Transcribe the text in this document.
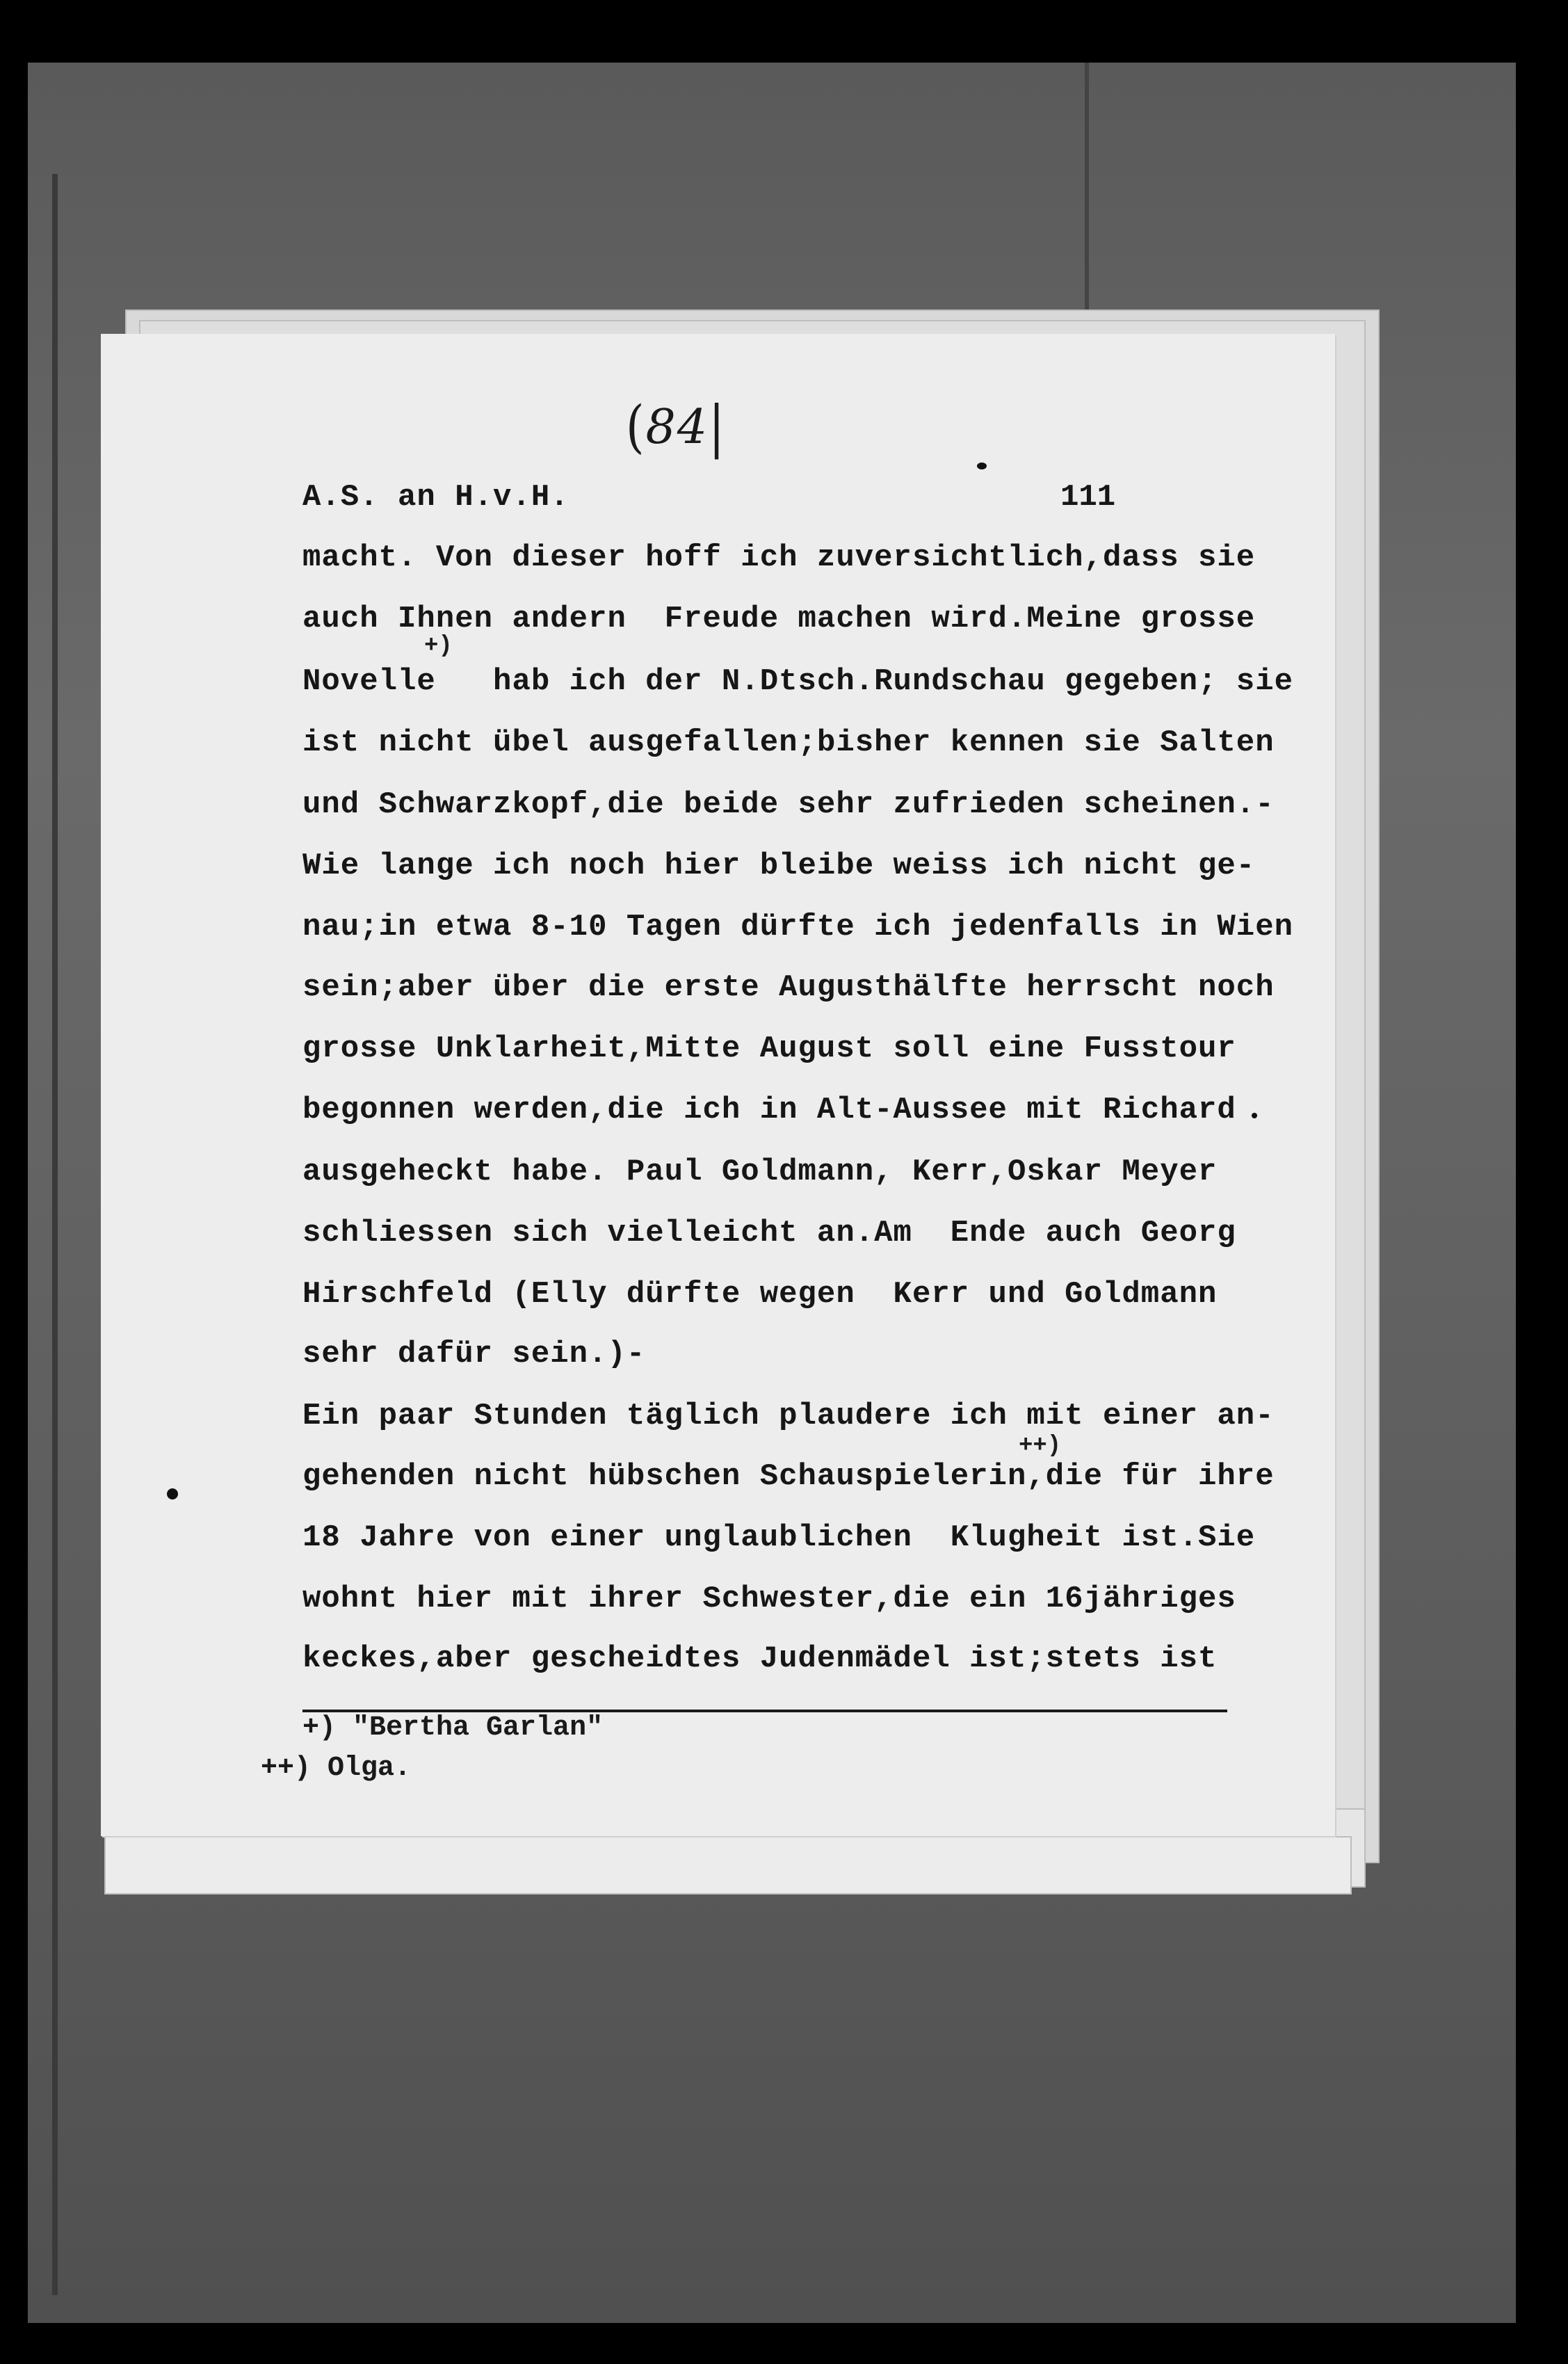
(84|
A.S. an H.v.H.	111

macht. Von dieser hoff ich zuversichtlich,dass sie

auch Ihnen andern  Freude machen wird.Meine grosse

Novelle   hab ich der N.Dtsch.Rundschau gegeben; sie

ist nicht übel ausgefallen;bisher kennen sie Salten

und Schwarzkopf,die beide sehr zufrieden scheinen.-

Wie lange ich noch hier bleibe weiss ich nicht ge-

nau;in etwa 8-10 Tagen dürfte ich jedenfalls in Wien

sein;aber über die erste Augusthälfte herrscht noch

grosse Unklarheit,Mitte August soll eine Fusstour

begonnen werden,die ich in Alt-Aussee mit Richard

ausgeheckt habe. Paul Goldmann, Kerr,Oskar Meyer

schliessen sich vielleicht an.Am  Ende auch Georg

Hirschfeld (Elly dürfte wegen  Kerr und Goldmann

sehr dafür sein.)-

Ein paar Stunden täglich plaudere ich mit einer an-

gehenden nicht hübschen Schauspielerin,die für ihre

18 Jahre von einer unglaublichen  Klugheit ist.Sie

wohnt hier mit ihrer Schwester,die ein 16jähriges

keckes,aber gescheidtes Judenmädel ist;stets ist

+)
++)
+) "Bertha Garlan"
++) Olga.
